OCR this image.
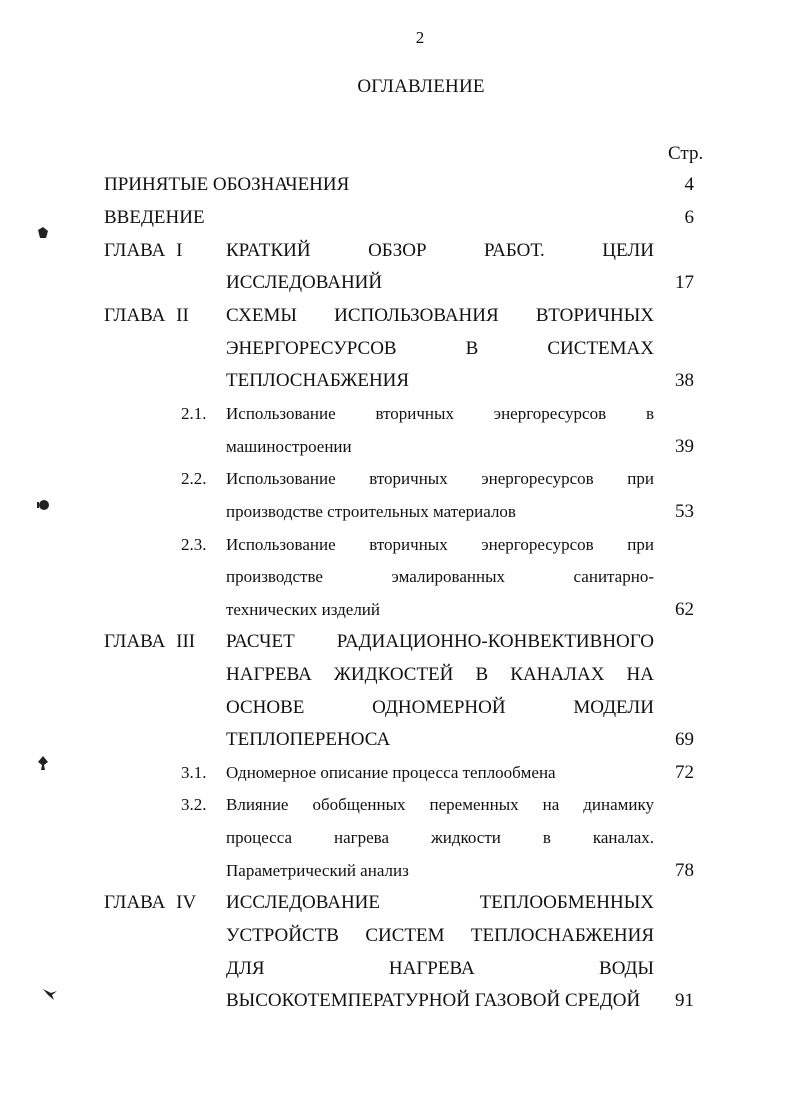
2
ОГЛАВЛЕНИЕ
Стр.
ПРИНЯТЫЕ ОБОЗНАЧЕНИЯ	4
ВВЕДЕНИЕ	6
ГЛАВА I КРАТКИЙ ОБЗОР РАБОТ. ЦЕЛИ
ИССЛЕДОВАНИЙ	17
ГЛАВА II СХЕМЫ ИСПОЛЬЗОВАНИЯ ВТОРИЧНЫХ
ЭНЕРГОРЕСУРСОВ В СИСТЕМАХ
ТЕПЛОСНАБЖЕНИЯ	38
2.1. Использование вторичных энергоресурсов в
машиностроении	39
2.2. Использование вторичных энергоресурсов при
производстве строительных материалов	53
2.3. Использование вторичных энергоресурсов при
производстве эмалированных санитарно-
технических изделий	62
ГЛАВА III РАСЧЕТ РАДИАЦИОННО-КОНВЕКТИВНОГО
НАГРЕВА ЖИДКОСТЕЙ В КАНАЛАХ НА
ОСНОВЕ ОДНОМЕРНОЙ МОДЕЛИ
ТЕПЛОПЕРЕНОСА	69
3.1. Одномерное описание процесса теплообмена	72
3.2. Влияние обобщенных переменных на динамику
процесса нагрева жидкости в каналах.
Параметрический анализ	78
ГЛАВА IV ИССЛЕДОВАНИЕ ТЕПЛООБМЕННЫХ
УСТРОЙСТВ СИСТЕМ ТЕПЛОСНАБЖЕНИЯ
ДЛЯ НАГРЕВА ВОДЫ
ВЫСОКОТЕМПЕРАТУРНОЙ ГАЗОВОЙ СРЕДОЙ	91
